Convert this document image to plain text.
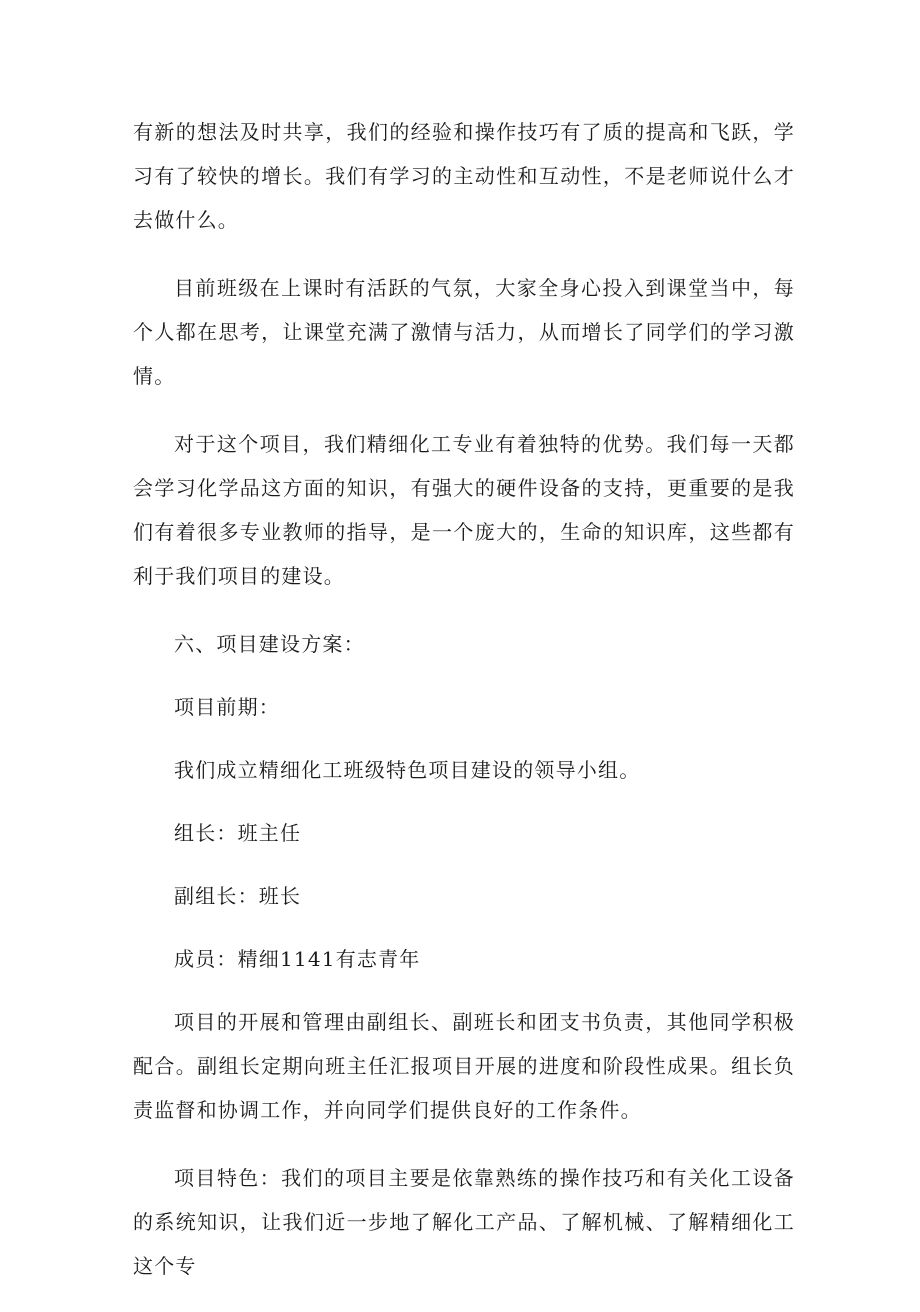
有新的想法及时共享，我们的经验和操作技巧有了质的提高和飞跃，学习有了较快的增长。我们有学习的主动性和互动性，不是老师说什么才去做什么。

目前班级在上课时有活跃的气氛，大家全身心投入到课堂当中，每个人都在思考，让课堂充满了激情与活力，从而增长了同学们的学习激情。

对于这个项目，我们精细化工专业有着独特的优势。我们每一天都会学习化学品这方面的知识，有强大的硬件设备的支持，更重要的是我们有着很多专业教师的指导，是一个庞大的，生命的知识库，这些都有利于我们项目的建设。

六、项目建设方案：

项目前期：

我们成立精细化工班级特色项目建设的领导小组。

组长：班主任

副组长：班长

成员：精细1141有志青年

项目的开展和管理由副组长、副班长和团支书负责，其他同学积极配合。副组长定期向班主任汇报项目开展的进度和阶段性成果。组长负责监督和协调工作，并向同学们提供良好的工作条件。

项目特色：我们的项目主要是依靠熟练的操作技巧和有关化工设备的系统知识，让我们近一步地了解化工产品、了解机械、了解精细化工这个专
